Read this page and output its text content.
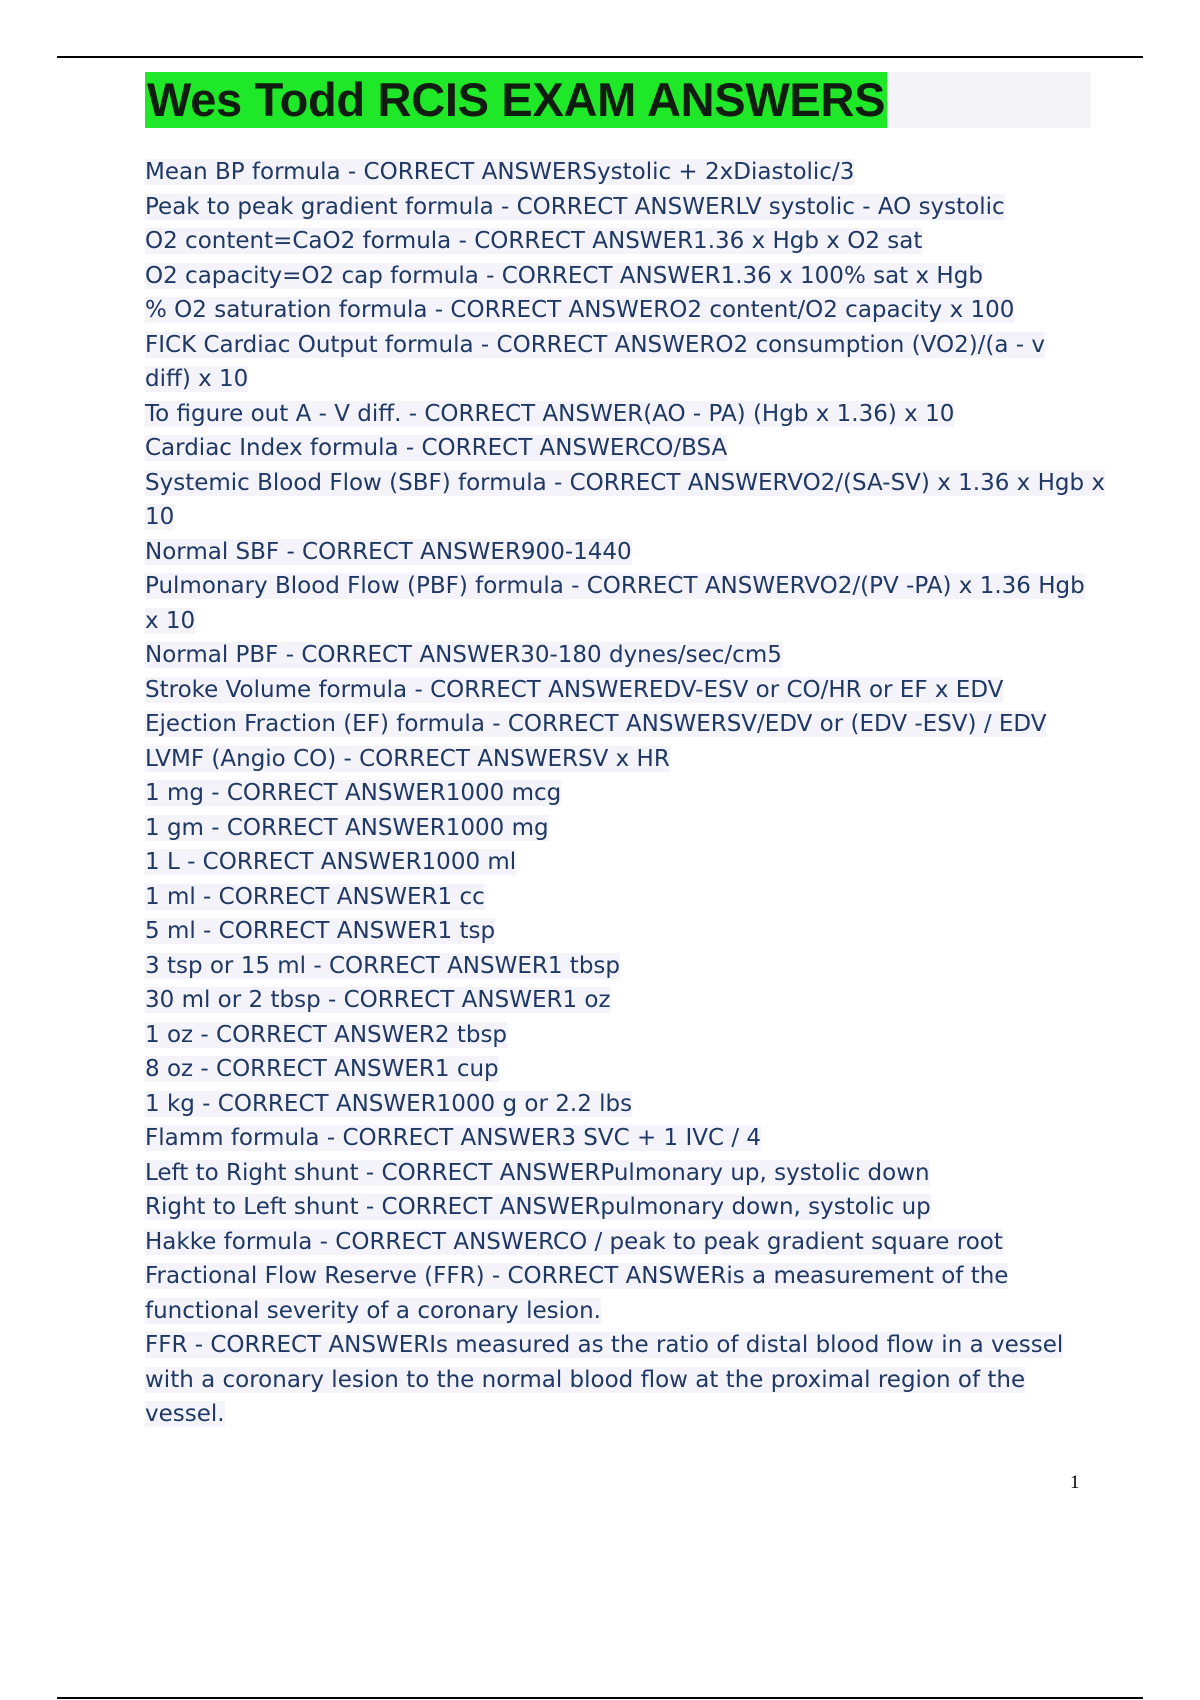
Wes Todd RCIS EXAM ANSWERS
Mean BP formula - CORRECT ANSWERSystolic + 2xDiastolic/3
Peak to peak gradient formula - CORRECT ANSWERLV systolic - AO systolic
O2 content=CaO2 formula - CORRECT ANSWER1.36 x Hgb x O2 sat
O2 capacity=O2 cap formula - CORRECT ANSWER1.36 x 100% sat x Hgb
% O2 saturation formula - CORRECT ANSWERO2 content/O2 capacity x 100
FICK Cardiac Output formula - CORRECT ANSWERO2 consumption (VO2)/(a - v
diff) x 10
To figure out A - V diff. - CORRECT ANSWER(AO - PA) (Hgb x 1.36) x 10
Cardiac Index formula - CORRECT ANSWERCO/BSA
Systemic Blood Flow (SBF) formula - CORRECT ANSWERVO2/(SA-SV) x 1.36 x Hgb x
10
Normal SBF - CORRECT ANSWER900-1440
Pulmonary Blood Flow (PBF) formula - CORRECT ANSWERVO2/(PV -PA) x 1.36 Hgb
x 10
Normal PBF - CORRECT ANSWER30-180 dynes/sec/cm5
Stroke Volume formula - CORRECT ANSWEREDV-ESV or CO/HR or EF x EDV
Ejection Fraction (EF) formula - CORRECT ANSWERSV/EDV or (EDV -ESV) / EDV
LVMF (Angio CO) - CORRECT ANSWERSV x HR
1 mg - CORRECT ANSWER1000 mcg
1 gm - CORRECT ANSWER1000 mg
1 L - CORRECT ANSWER1000 ml
1 ml - CORRECT ANSWER1 cc
5 ml - CORRECT ANSWER1 tsp
3 tsp or 15 ml - CORRECT ANSWER1 tbsp
30 ml or 2 tbsp - CORRECT ANSWER1 oz
1 oz - CORRECT ANSWER2 tbsp
8 oz - CORRECT ANSWER1 cup
1 kg - CORRECT ANSWER1000 g or 2.2 lbs
Flamm formula - CORRECT ANSWER3 SVC + 1 IVC / 4
Left to Right shunt - CORRECT ANSWERPulmonary up, systolic down
Right to Left shunt - CORRECT ANSWERpulmonary down, systolic up
Hakke formula - CORRECT ANSWERCO / peak to peak gradient square root
Fractional Flow Reserve (FFR) - CORRECT ANSWERis a measurement of the
functional severity of a coronary lesion.
FFR - CORRECT ANSWERIs measured as the ratio of distal blood flow in a vessel
with a coronary lesion to the normal blood flow at the proximal region of the
vessel.
1
